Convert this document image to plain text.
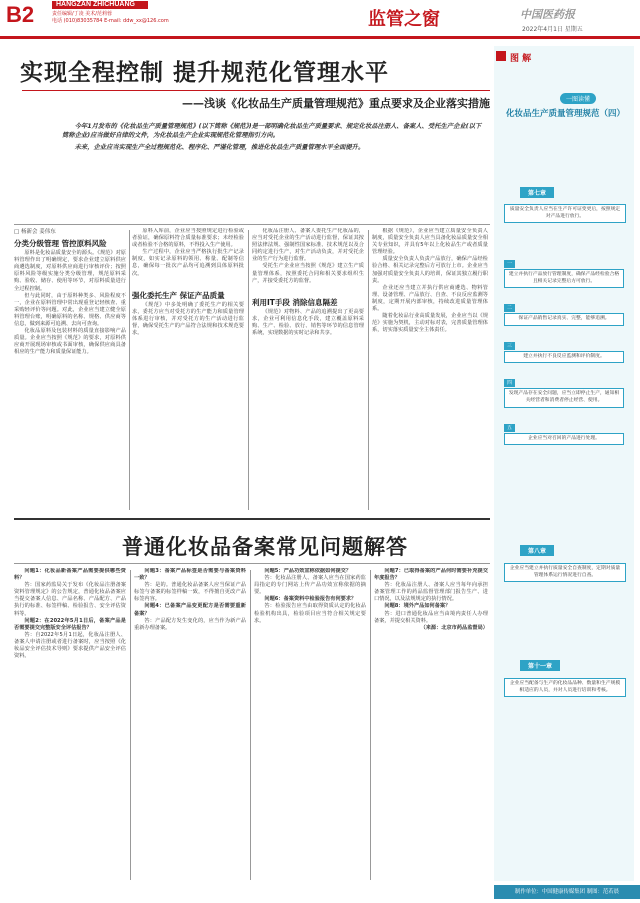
B2	HANGZAN ZHICHUANG
责任编辑/丁凌 美术/范莉蓉
电话 (010)83035784 E-mail: ddw_xx@126.com	监管之窗	中国医药报
2022年4月1日 星期五
实现全程控制 提升规范化管理水平
——浅谈《化妆品生产质量管理规范》重点要求及企业落实措施

今年1月发布的《化妆品生产质量管理规范》(以下简称《规范》)是一部明确化妆品生产质量要求、规定化妆品注册人、备案人、受托生产企业(以下简称企业)应当做好自律的文件，为化妆品生产企业实现规范化管理指引方向。

未来，企业应当实现生产全过程规范化、程序化、严谨化管理，推进化妆品生产质量管理水平全面提升。

□ 杨新会 姜伟东
分类分级管理 管控原料风险

原料是化妆品质量安全的源头。《规范》对原料管理作出了明确规定，要求企业建立原料供应商遴选制度，对原料供应商进行审核评价；按照原料风险等级实施分类分级管理，规范原料采购、验收、储存、使用等环节，对原料质量进行全过程控制。

但与此同时，由于原料种类多、风险程度不一，企业在原料管理中常出现重登记轻核查、重采购轻评价等问题。对此，企业应当建立健全原料管理台账，明确原料的名称、规格、供应商等信息，做到来源可追溯、去向可查询。

化妆品原料及包装材料的质量直接影响产品质量。企业应当按照《规范》的要求，对原料供应商开展现场审核或书面审核，确保供应商具备相应的生产能力和质量保证能力。

原料入库前，企业应当按照规定进行检验或者验证，确保原料符合质量标准要求；未经检验或者检验不合格的原料，不得投入生产使用。

生产过程中，企业应当严格执行批生产记录制度，如实记录原料的领用、称量、配制等信息，确保每一批次产品均可追溯到具体原料批次。

强化委托生产 保证产品质量

《规范》中多处明确了委托生产的相关要求，委托方应当对受托方的生产能力和质量管理体系进行审核，并对受托方的生产活动进行监督，确保受托生产的产品符合法规和技术规范要求。

化妆品注册人、备案人委托生产化妆品的，应当对受托企业的生产活动进行监督，保证其按照法律法规、强制性国家标准、技术规范以及合同约定进行生产，对生产活动负责，并对受托企业的生产行为进行监督。

受托生产企业应当按照《规范》建立生产质量管理体系，按照委托合同和相关要求组织生产，并接受委托方的监督。

利用IT手段 消除信息隔差

《规范》对物料、产品的追溯提出了更高要求，企业可利用信息化手段，建立覆盖原料采购、生产、检验、放行、销售等环节的信息管理系统，实现数据的实时记录和共享。

根据《规范》，企业应当建立质量安全负责人制度，质量安全负责人应当具备化妆品质量安全相关专业知识，并具有5年以上化妆品生产或者质量管理经验。

质量安全负责人负责产品放行，确保产品经检验合格、相关记录完整后方可放行上市。企业应当加强对质量安全负责人的培训，保证其独立履行职责。

企业还应当建立并执行供应商遴选、物料管理、设备管理、产品放行、自查、不良反应监测等制度，定期开展内部审核，持续改进质量管理体系。

随着化妆品行业高质量发展，企业应当以《规范》实施为契机，主动对标对表，完善质量管理体系，切实落实质量安全主体责任。

普通化妆品备案常见问题解答

问题1：化妆品新备案产品需要提供哪些资料？

答：国家药监局关于发布《化妆品注册备案资料管理规定》的公告规定，普通化妆品备案应当提交备案人信息、产品名称、产品配方、产品执行的标准、标签样稿、检验报告、安全评估资料等。

问题2：在2022年5月1日后，备案产品是否需要提交完整版安全评估报告？

答：自2022年5月1日起，化妆品注册人、备案人申请注册或者进行备案时，应当按照《化妆品安全评估技术导则》要求提供产品安全评估资料。

问题3：备案产品标签是否需要与备案资料一致？

答：是的。普通化妆品备案人应当保证产品标签与备案的标签样稿一致，不得擅自更改产品标签内容。

问题4：已备案产品变更配方是否需要重新备案？

答：产品配方发生变化的，应当作为新产品重新办理备案。

问题5：产品功效宣称依据如何提交？

答：化妆品注册人、备案人应当在国家药监局指定的专门网站上传产品功效宣称依据的摘要。

问题6：备案资料中检验报告有何要求？

答：检验报告应当由取得资质认定的化妆品检验机构出具，检验项目应当符合相关规定要求。

问题7：已取得备案的产品何时需要补充提交年度报告？

答：化妆品注册人、备案人应当每年向承担备案管理工作的药品监督管理部门报告生产、进口情况，以及法规规定的执行情况。

问题8：境外产品如何备案？

答：进口普通化妆品应当由境内责任人办理备案，并提交相关资料。

（来源：北京市药品监督局）

图 解
一图读懂
化妆品生产质量管理规范（四）
第七章
质量安全负责人应当在生产许可证变更后，按照规定对产品进行放行。
一
建立并执行产品放行管理制度，确保产品经检验合格且相关记录完整后方可放行。
二
保证产品销售记录真实、完整，能够追溯。
三
建立并执行不良反应监测和评价制度。
四
发现产品存在安全问题，应当立即停止生产，通知相关经营者和消费者停止经营、使用。
五
企业应当对召回的产品进行处理。
第八章
企业应当建立并执行质量安全自查制度，定期对质量管理体系运行情况进行自查。
第十一章
企业应当配备与生产的化妆品品种、数量和生产规模相适应的人员，并对人员进行培训和考核。
制作单位：中国健康传媒集团 制图：范若晨
